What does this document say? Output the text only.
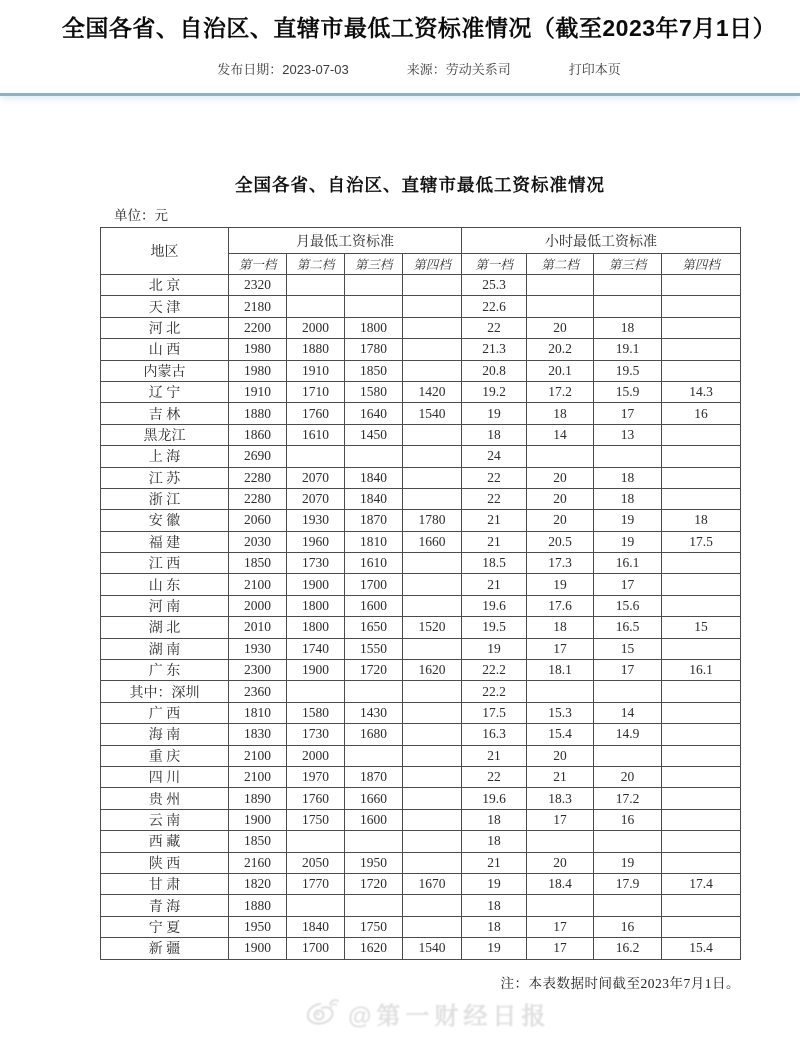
全国各省、自治区、直辖市最低工资标准情况（截至2023年7月1日）
发布日期：2023-07-03	来源：劳动关系司	打印本页
全国各省、自治区、直辖市最低工资标准情况
单位：元
地区	月最低工资标准				小时最低工资标准			
	第一档	第二档	第三档	第四档	第一档	第二档	第三档	第四档
北 京	2320				25.3			
天 津	2180				22.6			
河 北	2200	2000	1800		22	20	18	
山 西	1980	1880	1780		21.3	20.2	19.1	
内蒙古	1980	1910	1850		20.8	20.1	19.5	
辽 宁	1910	1710	1580	1420	19.2	17.2	15.9	14.3
吉 林	1880	1760	1640	1540	19	18	17	16
黑龙江	1860	1610	1450		18	14	13	
上 海	2690				24			
江 苏	2280	2070	1840		22	20	18	
浙 江	2280	2070	1840		22	20	18	
安 徽	2060	1930	1870	1780	21	20	19	18
福 建	2030	1960	1810	1660	21	20.5	19	17.5
江 西	1850	1730	1610		18.5	17.3	16.1	
山 东	2100	1900	1700		21	19	17	
河 南	2000	1800	1600		19.6	17.6	15.6	
湖 北	2010	1800	1650	1520	19.5	18	16.5	15
湖 南	1930	1740	1550		19	17	15	
广 东	2300	1900	1720	1620	22.2	18.1	17	16.1
其中：深圳	2360				22.2			
广 西	1810	1580	1430		17.5	15.3	14	
海 南	1830	1730	1680		16.3	15.4	14.9	
重 庆	2100	2000			21	20		
四 川	2100	1970	1870		22	21	20	
贵 州	1890	1760	1660		19.6	18.3	17.2	
云 南	1900	1750	1600		18	17	16	
西 藏	1850				18			
陕 西	2160	2050	1950		21	20	19	
甘 肃	1820	1770	1720	1670	19	18.4	17.9	17.4
青 海	1880				18			
宁 夏	1950	1840	1750		18	17	16	
新 疆	1900	1700	1620	1540	19	17	16.2	15.4
注：本表数据时间截至2023年7月1日。
@第一财经日报
